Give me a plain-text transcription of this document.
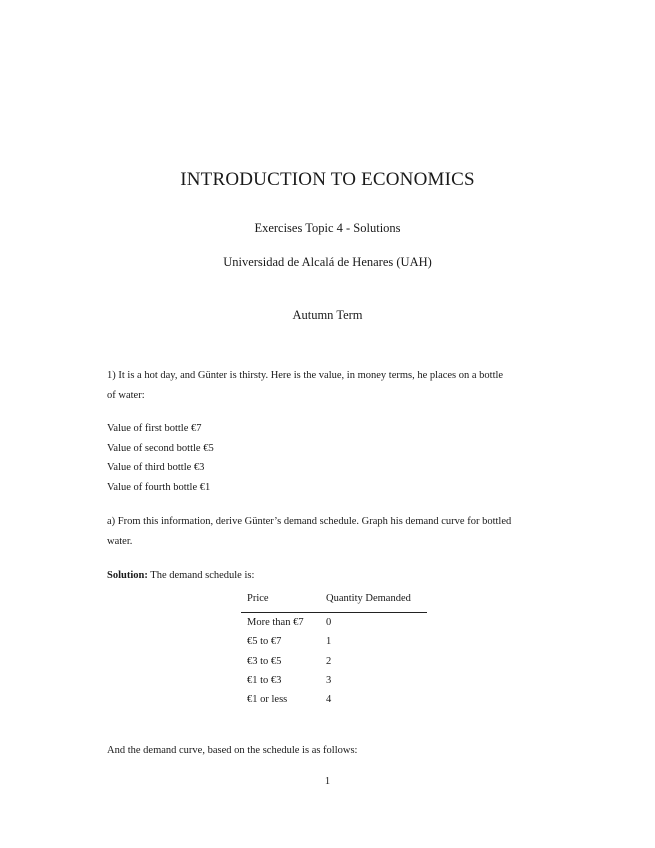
INTRODUCTION TO ECONOMICS
Exercises Topic 4 - Solutions
Universidad de Alcalá de Henares (UAH)
Autumn Term
1) It is a hot day, and Günter is thirsty. Here is the value, in money terms, he places on a bottle
of water:
Value of first bottle €7
Value of second bottle €5
Value of third bottle €3
Value of fourth bottle €1
a) From this information, derive Günter’s demand schedule. Graph his demand curve for bottled
water.
Solution: The demand schedule is:
Price	Quantity Demanded
More than €7	0
€5 to €7	1
€3 to €5	2
€1 to €3	3
€1 or less	4
And the demand curve, based on the schedule is as follows:
1
